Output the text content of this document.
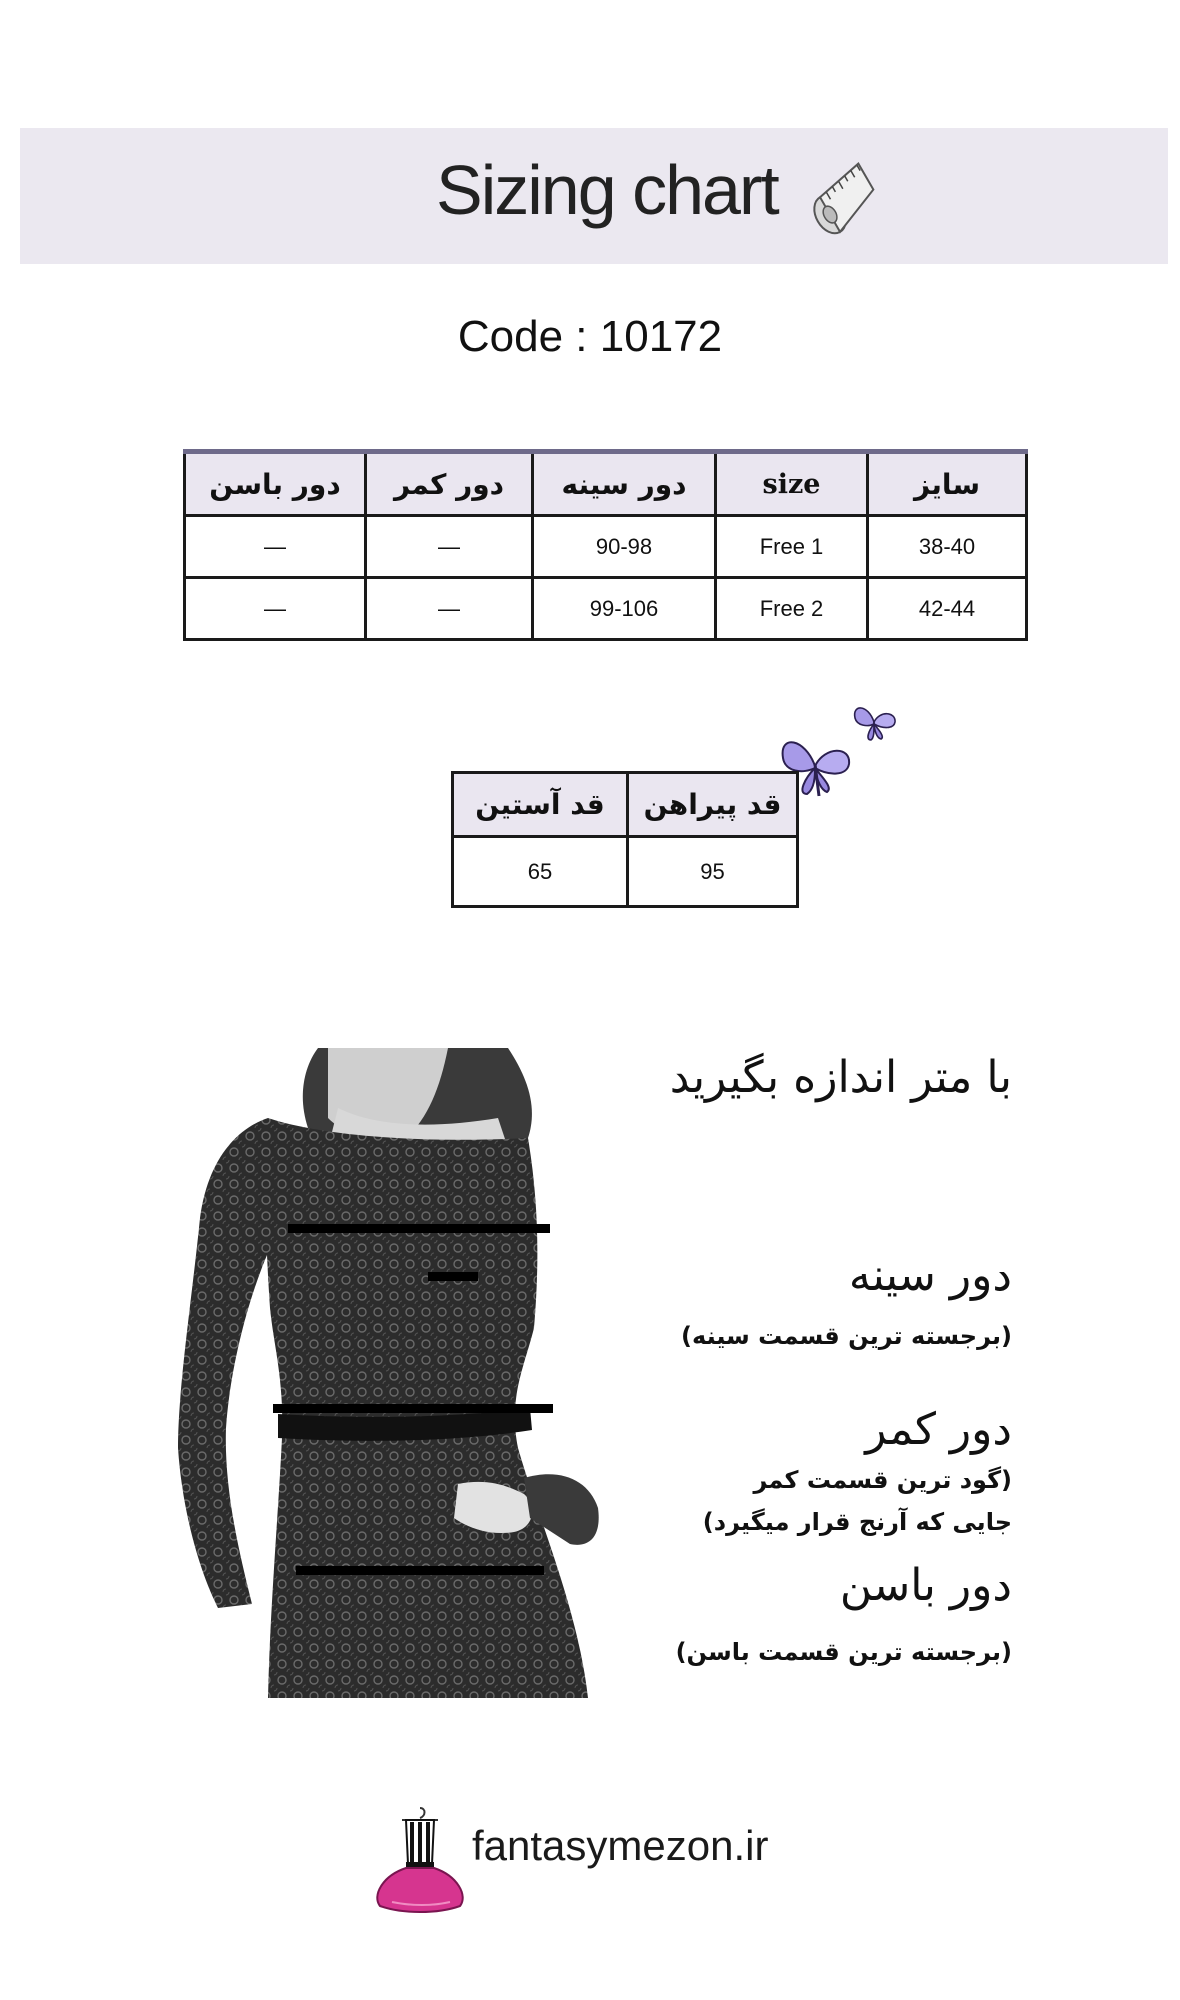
Sizing chart
Code : 10172
دور باسن	دور کمر	دور سینه	size	سایز
—	—	90-98	Free 1	38-40
—	—	99-106	Free 2	42-44
قد آستین	قد پیراهن
65	95
با متر اندازه بگیرید
دور سینه
(برجسته ترین قسمت سینه)
دور کمر
(گود ترین قسمت کمر
جایی که آرنج قرار میگیرد)
دور باسن
(برجسته ترین قسمت باسن)
fantasymezon.ir
